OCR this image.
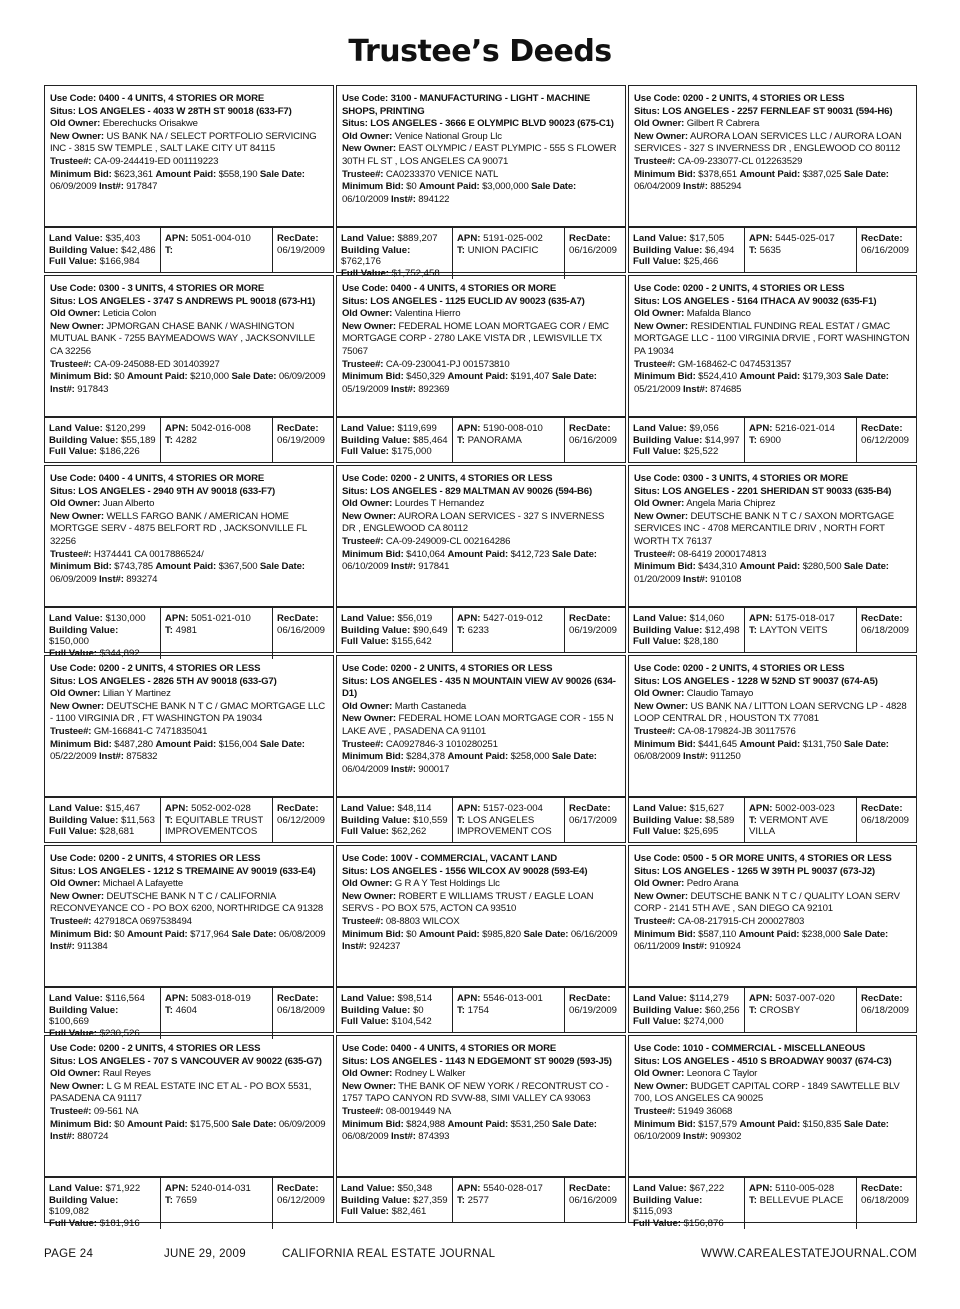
Trustee’s Deeds
Use Code: 0400 - 4 UNITS, 4 STORIES OR MORE
Situs: LOS ANGELES - 4033 W 28TH ST 90018 (633-F7)
Old Owner: Eberechucks Orisakwe
New Owner: US BANK NA / SELECT PORTFOLIO SERVICING INC - 3815 SW TEMPLE , SALT LAKE CITY UT 84115
Trustee#: CA-09-244419-ED 001119223
Minimum Bid: $623,361 Amount Paid: $558,190 Sale Date: 06/09/2009 Inst#: 917847
Land Value: $35,403
Building Value: $42,486
Full Value: $166,984
APN: 5051-004-010
T:
RecDate:
06/19/2009
Use Code: 3100 - MANUFACTURING - LIGHT - MACHINE SHOPS, PRINTING
Situs: LOS ANGELES - 3666 E OLYMPIC BLVD 90023 (675-C1)
Old Owner: Venice National Group Llc
New Owner: EAST OLYMPIC / EAST PLYMPIC - 555 S FLOWER 30TH FL ST , LOS ANGELES CA 90071
Trustee#: CA0233370 VENICE NATL
Minimum Bid: $0 Amount Paid: $3,000,000 Sale Date: 06/10/2009 Inst#: 894122
Land Value: $889,207
Building Value: $762,176
Full Value: $1,752,458
APN: 5191-025-002
T: UNION PACIFIC
RecDate:
06/16/2009
Use Code: 0200 - 2 UNITS, 4 STORIES OR LESS
Situs: LOS ANGELES - 2257 FERNLEAF ST 90031 (594-H6)
Old Owner: Gilbert R Cabrera
New Owner: AURORA LOAN SERVICES LLC / AURORA LOAN SERVICES - 327 S INVERNESS DR , ENGLEWOOD CO 80112
Trustee#: CA-09-233077-CL 012263529
Minimum Bid: $378,651 Amount Paid: $387,025 Sale Date: 06/04/2009 Inst#: 885294
Land Value: $17,505
Building Value: $6,494
Full Value: $25,466
APN: 5445-025-017
T: 5635
RecDate:
06/16/2009
Use Code: 0300 - 3 UNITS, 4 STORIES OR MORE
Situs: LOS ANGELES - 3747 S ANDREWS PL 90018 (673-H1)
Old Owner: Leticia Colon
New Owner: JPMORGAN CHASE BANK / WASHINGTON MUTUAL BANK - 7255 BAYMEADOWS WAY , JACKSONVILLE CA 32256
Trustee#: CA-09-245088-ED 301403927
Minimum Bid: $0 Amount Paid: $210,000 Sale Date: 06/09/2009 Inst#: 917843
Land Value: $120,299
Building Value: $55,189
Full Value: $186,226
APN: 5042-016-008
T: 4282
RecDate:
06/19/2009
Use Code: 0400 - 4 UNITS, 4 STORIES OR MORE
Situs: LOS ANGELES - 1125 EUCLID AV 90023 (635-A7)
Old Owner: Valentina Hierro
New Owner: FEDERAL HOME LOAN MORTGAEG COR / EMC MORTGAGE CORP - 2780 LAKE VISTA DR , LEWISVILLE TX 75067
Trustee#: CA-09-230041-PJ 001573810
Minimum Bid: $450,329 Amount Paid: $191,407 Sale Date: 05/19/2009 Inst#: 892369
Land Value: $119,699
Building Value: $85,464
Full Value: $175,000
APN: 5190-008-010
T: PANORAMA
RecDate:
06/16/2009
Use Code: 0200 - 2 UNITS, 4 STORIES OR LESS
Situs: LOS ANGELES - 5164 ITHACA AV 90032 (635-F1)
Old Owner: Mafalda Blanco
New Owner: RESIDENTIAL FUNDING REAL ESTAT / GMAC MORTGAGE LLC - 1100 VIRGINIA DRVIE , FORT WASHINGTON PA 19034
Trustee#: GM-168462-C 0474531357
Minimum Bid: $524,410 Amount Paid: $179,303 Sale Date: 05/21/2009 Inst#: 874685
Land Value: $9,056
Building Value: $14,997
Full Value: $25,522
APN: 5216-021-014
T: 6900
RecDate:
06/12/2009
Use Code: 0400 - 4 UNITS, 4 STORIES OR MORE
Situs: LOS ANGELES - 2940 9TH AV 90018 (633-F7)
Old Owner: Juan Alberto
New Owner: WELLS FARGO BANK / AMERICAN HOME MORTGGE SERV - 4875 BELFORT RD , JACKSONVILLE FL 32256
Trustee#: H374441 CA 0017886524/
Minimum Bid: $743,785 Amount Paid: $367,500 Sale Date: 06/09/2009 Inst#: 893274
Land Value: $130,000
Building Value: $150,000
Full Value: $344,892
APN: 5051-021-010
T: 4981
RecDate:
06/16/2009
Use Code: 0200 - 2 UNITS, 4 STORIES OR LESS
Situs: LOS ANGELES - 829 MALTMAN AV 90026 (594-B6)
Old Owner: Lourdes T Hernandez
New Owner: AURORA LOAN SERVICES - 327 S INVERNESS DR , ENGLEWOOD CA 80112
Trustee#: CA-09-249009-CL 002164286
Minimum Bid: $410,064 Amount Paid: $412,723 Sale Date: 06/10/2009 Inst#: 917841
Land Value: $56,019
Building Value: $90,649
Full Value: $155,642
APN: 5427-019-012
T: 6233
RecDate:
06/19/2009
Use Code: 0300 - 3 UNITS, 4 STORIES OR MORE
Situs: LOS ANGELES - 2201 SHERIDAN ST 90033 (635-B4)
Old Owner: Angela Maria Chiprez
New Owner: DEUTSCHE BANK N T C / SAXON MORTGAGE SERVICES INC - 4708 MERCANTILE DRIV , NORTH FORT WORTH TX 76137
Trustee#: 08-6419 2000174813
Minimum Bid: $434,310 Amount Paid: $280,500 Sale Date: 01/20/2009 Inst#: 910108
Land Value: $14,060
Building Value: $12,498
Full Value: $28,180
APN: 5175-018-017
T: LAYTON VEITS
RecDate:
06/18/2009
Use Code: 0200 - 2 UNITS, 4 STORIES OR LESS
Situs: LOS ANGELES - 2826 5TH AV 90018 (633-G7)
Old Owner: Lilian Y Martinez
New Owner: DEUTSCHE BANK N T C / GMAC MORTGAGE LLC - 1100 VIRGINIA DR , FT WASHINGTON PA 19034
Trustee#: GM-166841-C 7471835041
Minimum Bid: $487,280 Amount Paid: $156,004 Sale Date: 05/22/2009 Inst#: 875832
Land Value: $15,467
Building Value: $11,563
Full Value: $28,681
APN: 5052-002-028
T: EQUITABLE TRUST IMPROVEMENTCOS
RecDate:
06/12/2009
Use Code: 0200 - 2 UNITS, 4 STORIES OR LESS
Situs: LOS ANGELES - 435 N MOUNTAIN VIEW AV 90026 (634-D1)
Old Owner: Marth Castaneda
New Owner: FEDERAL HOME LOAN MORTGAGE COR - 155 N LAKE AVE , PASADENA CA 91101
Trustee#: CA0927846-3 1010280251
Minimum Bid: $284,378 Amount Paid: $258,000 Sale Date: 06/04/2009 Inst#: 900017
Land Value: $48,114
Building Value: $10,559
Full Value: $62,262
APN: 5157-023-004
T: LOS ANGELES IMPROVEMENT COS
RecDate:
06/17/2009
Use Code: 0200 - 2 UNITS, 4 STORIES OR LESS
Situs: LOS ANGELES - 1228 W 52ND ST 90037 (674-A5)
Old Owner: Claudio Tamayo
New Owner: US BANK NA / LITTON LOAN SERVCNG LP - 4828 LOOP CENTRAL DR , HOUSTON TX 77081
Trustee#: CA-08-179824-JB 30117576
Minimum Bid: $441,645 Amount Paid: $131,750 Sale Date: 06/08/2009 Inst#: 911250
Land Value: $15,627
Building Value: $8,589
Full Value: $25,695
APN: 5002-003-023
T: VERMONT AVE VILLA
RecDate:
06/18/2009
Use Code: 0200 - 2 UNITS, 4 STORIES OR LESS
Situs: LOS ANGELES - 1212 S TREMAINE AV 90019 (633-E4)
Old Owner: Michael A Lafayette
New Owner: DEUTSCHE BANK N T C / CALIFORNIA RECONVEYANCE CO - PO BOX 6200, NORTHRIDGE CA 91328
Trustee#: 427918CA 0697538494
Minimum Bid: $0 Amount Paid: $717,964 Sale Date: 06/08/2009 Inst#: 911384
Land Value: $116,564
Building Value: $100,669
Full Value: $230,526
APN: 5083-018-019
T: 4604
RecDate:
06/18/2009
Use Code: 100V - COMMERCIAL, VACANT LAND
Situs: LOS ANGELES - 1556 WILCOX AV 90028 (593-E4)
Old Owner: G R A Y Test Holdings Llc
New Owner: ROBERT E WILLIAMS TRUST / EAGLE LOAN SERVS - PO BOX 575, ACTON CA 93510
Trustee#: 08-8803 WILCOX
Minimum Bid: $0 Amount Paid: $985,820 Sale Date: 06/16/2009 Inst#: 924237
Land Value: $98,514
Building Value: $0
Full Value: $104,542
APN: 5546-013-001
T: 1754
RecDate:
06/19/2009
Use Code: 0500 - 5 OR MORE UNITS, 4 STORIES OR LESS
Situs: LOS ANGELES - 1265 W 39TH PL 90037 (673-J2)
Old Owner: Pedro Arana
New Owner: DEUTSCHE BANK N T C / QUALITY LOAN SERV CORP - 2141 5TH AVE , SAN DIEGO CA 92101
Trustee#: CA-08-217915-CH 200027803
Minimum Bid: $587,110 Amount Paid: $238,000 Sale Date: 06/11/2009 Inst#: 910924
Land Value: $114,279
Building Value: $60,256
Full Value: $274,000
APN: 5037-007-020
T: CROSBY
RecDate:
06/18/2009
Use Code: 0200 - 2 UNITS, 4 STORIES OR LESS
Situs: LOS ANGELES - 707 S VANCOUVER AV 90022 (635-G7)
Old Owner: Raul Reyes
New Owner: L G M REAL ESTATE INC ET AL - PO BOX 5531, PASADENA CA 91117
Trustee#: 09-561 NA
Minimum Bid: $0 Amount Paid: $175,500 Sale Date: 06/09/2009 Inst#: 880724
Land Value: $71,922
Building Value: $109,082
Full Value: $181,916
APN: 5240-014-031
T: 7659
RecDate:
06/12/2009
Use Code: 0400 - 4 UNITS, 4 STORIES OR MORE
Situs: LOS ANGELES - 1143 N EDGEMONT ST 90029 (593-J5)
Old Owner: Rodney L Walker
New Owner: THE BANK OF NEW YORK / RECONTRUST CO - 1757 TAPO CANYON RD SVW-88, SIMI VALLEY CA 93063
Trustee#: 08-0019449 NA
Minimum Bid: $824,988 Amount Paid: $531,250 Sale Date: 06/08/2009 Inst#: 874393
Land Value: $50,348
Building Value: $27,359
Full Value: $82,461
APN: 5540-028-017
T: 2577
RecDate:
06/16/2009
Use Code: 1010 - COMMERCIAL - MISCELLANEOUS
Situs: LOS ANGELES - 4510 S BROADWAY 90037 (674-C3)
Old Owner: Leonora C Taylor
New Owner: BUDGET CAPITAL CORP - 1849 SAWTELLE BLV 700, LOS ANGELES CA 90025
Trustee#: 51949 36068
Minimum Bid: $157,579 Amount Paid: $150,835 Sale Date: 06/10/2009 Inst#: 909302
Land Value: $67,222
Building Value: $115,093
Full Value: $156,876
APN: 5110-005-028
T: BELLEVUE PLACE
RecDate:
06/18/2009
PAGE 24	JUNE 29, 2009	CALIFORNIA REAL ESTATE JOURNAL	WWW.CAREALESTATEJOURNAL.COM
